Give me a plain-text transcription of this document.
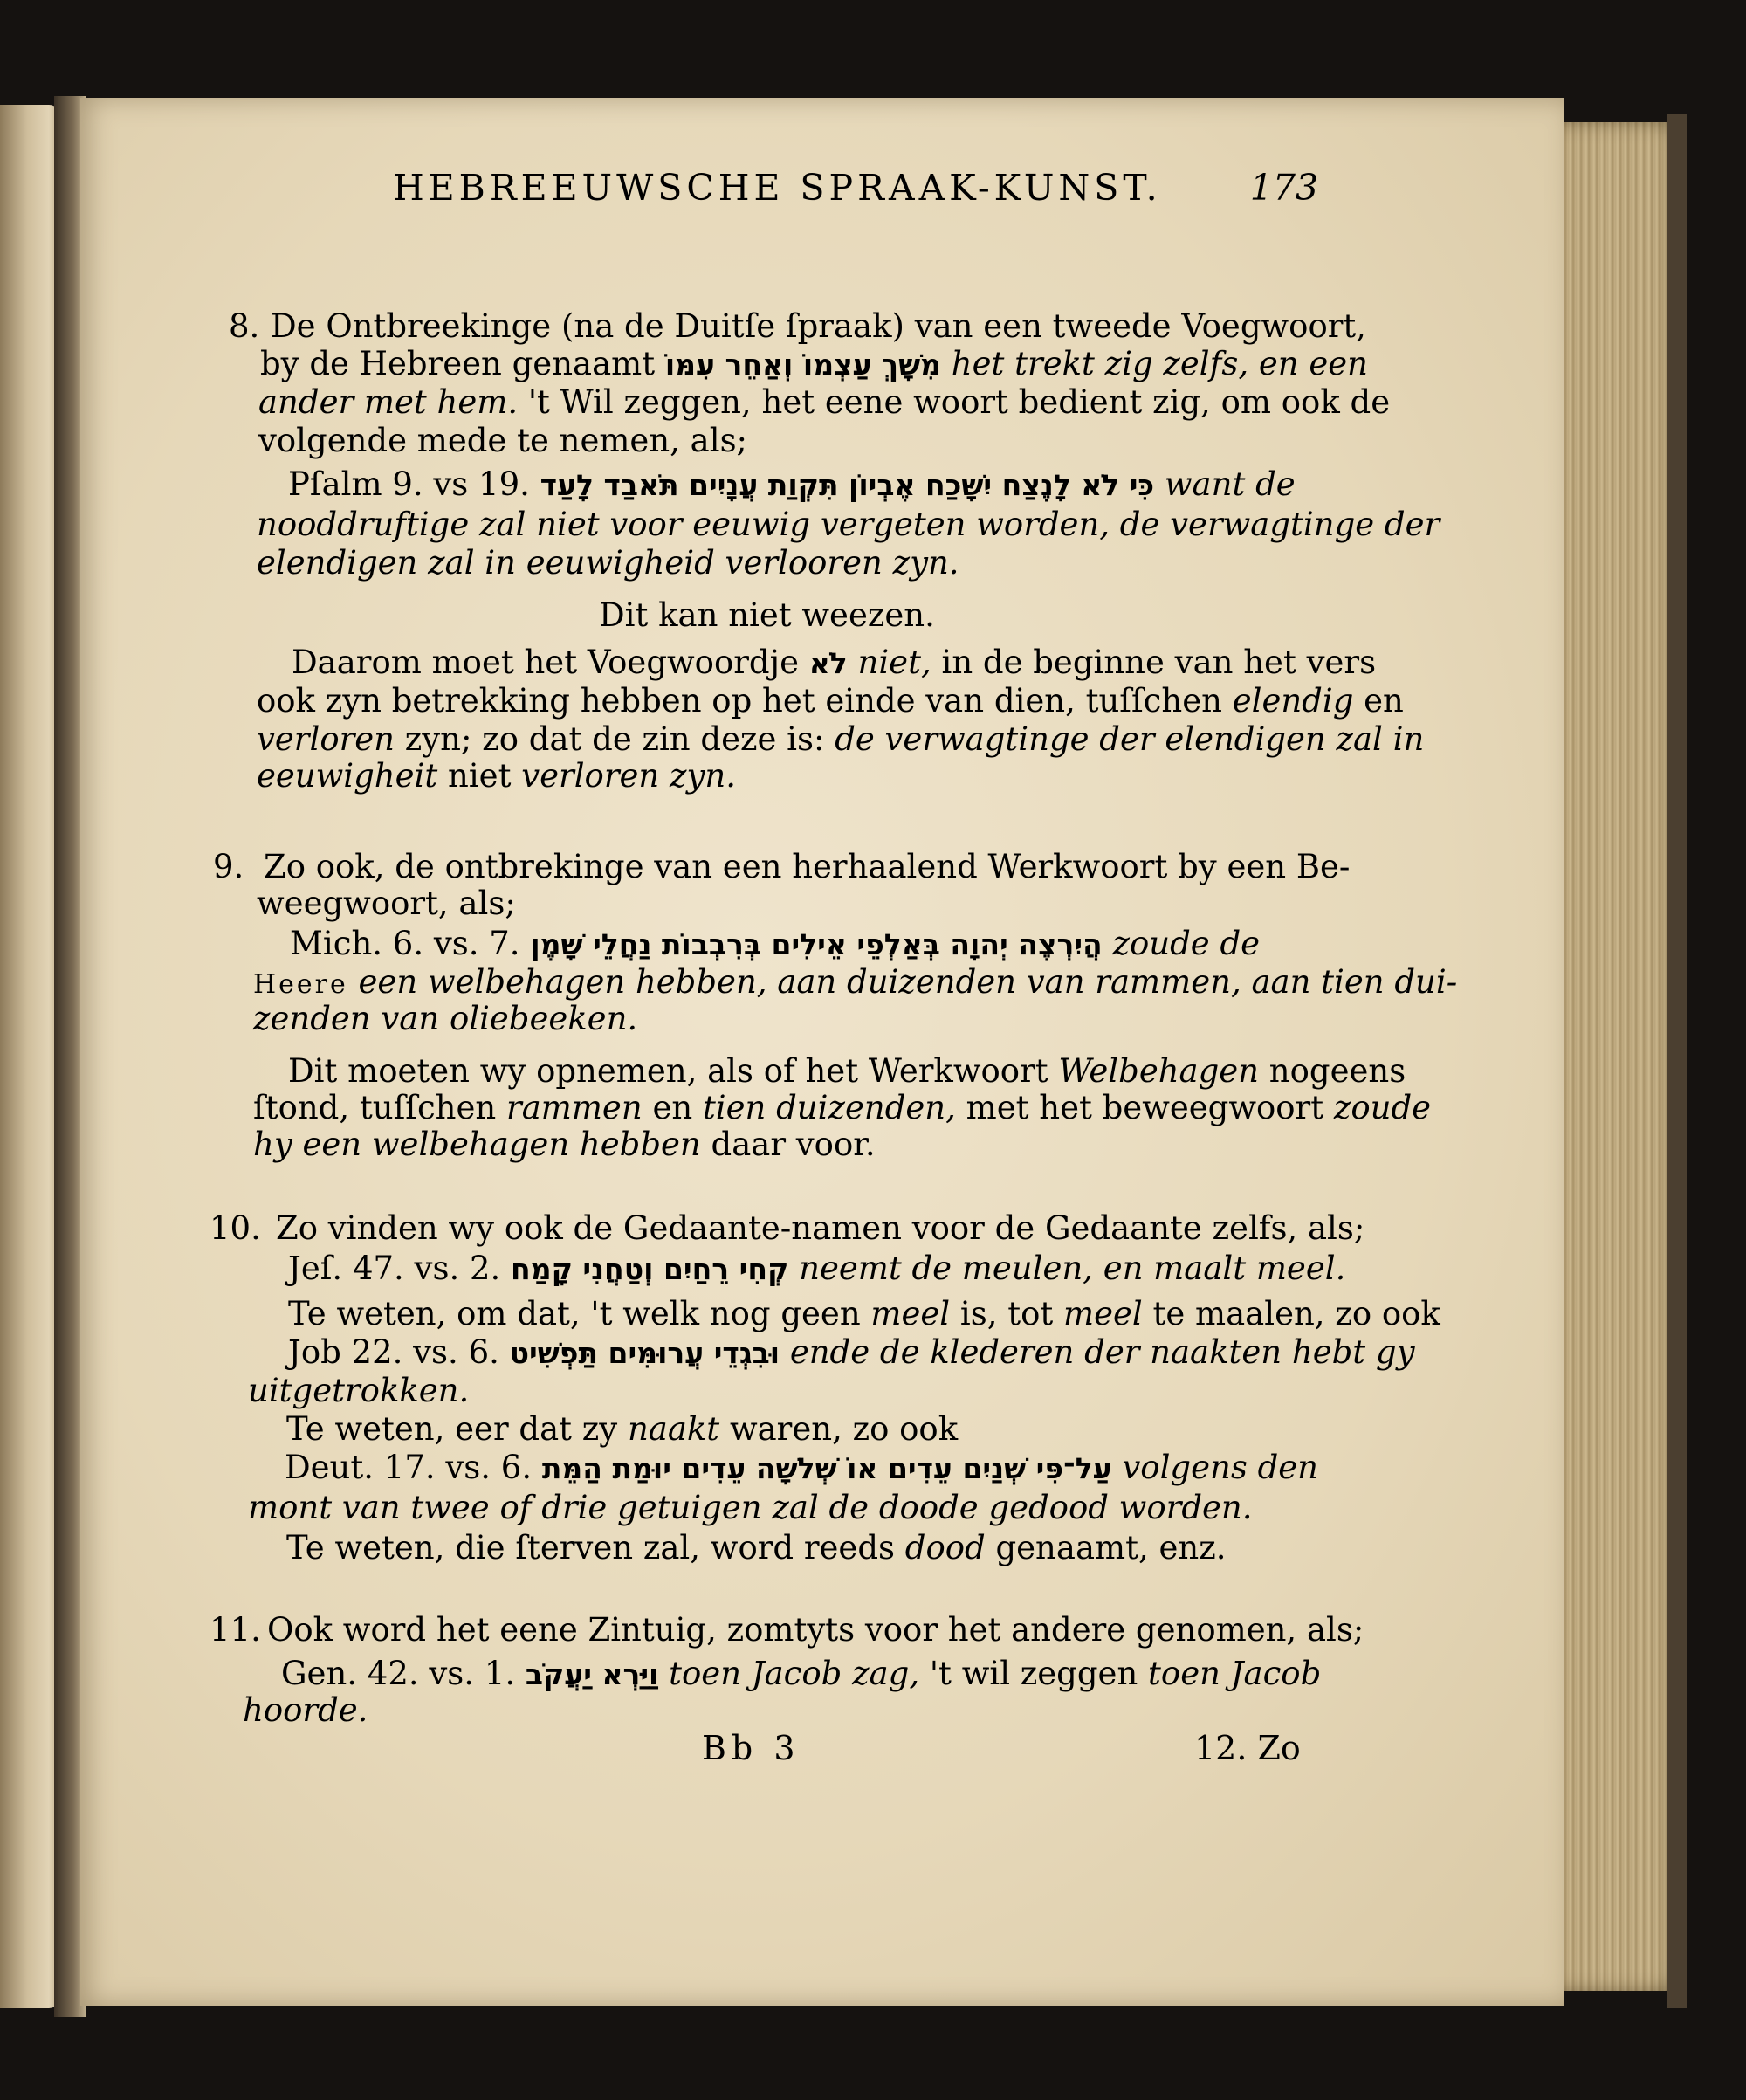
HEBREEUWSCHE SPRAAK-KUNST. 173
8. De Ontbreekinge (na de Duitſe ſpraak) van een tweede Voegwoort,
by de Hebreen genaamt מִשָׁךְ עַצְמוֹ וְאַחֵר עִמּוֹ het trekt zig zelfs, en een
ander met hem. 't Wil zeggen, het eene woort bedient zig, om ook de
volgende mede te nemen, als;
Pſalm 9. vs 19. כִּי לֹא לָנֶצַח יִשָּׁכַח אֶבְיוֹן תִּקְוַת עֲנָיִים תֹּאבַד לָעַד want de
nooddruftige zal niet voor eeuwig vergeten worden, de verwagtinge der
elendigen zal in eeuwigheid verlooren zyn.
Dit kan niet weezen.
Daarom moet het Voegwoordje לֹא niet, in de beginne van het vers
ook zyn betrekking hebben op het einde van dien, tuſſchen elendig en
verloren zyn; zo dat de zin deze is: de verwagtinge der elendigen zal in
eeuwigheit niet verloren zyn.
9. Zo ook, de ontbrekinge van een herhaalend Werkwoort by een Be-
weegwoort, als;
Mich. 6. vs. 7. הֲיִרְצֶה יְהוָה בְּאַלְפֵי אֵילִים בְּרִבְבוֹת נַחֲלֵי שָׁמֶן zoude de
Heere een welbehagen hebben, aan duizenden van rammen, aan tien dui-
zenden van oliebeeken.
Dit moeten wy opnemen, als of het Werkwoort Welbehagen nogeens
ſtond, tuſſchen rammen en tien duizenden, met het beweegwoort zoude
hy een welbehagen hebben daar voor.
10. Zo vinden wy ook de Gedaante-namen voor de Gedaante zelfs, als;
Jeſ. 47. vs. 2. קְחִי רֵחַיִם וְטַחֲנִי קָמַח neemt de meulen, en maalt meel.
Te weten, om dat, 't welk nog geen meel is, tot meel te maalen, zo ook
Job 22. vs. 6. וּבִגְדֵי עֲרוּמִּים תַּפְשִׁיט ende de klederen der naakten hebt gy
uitgetrokken.
Te weten, eer dat zy naakt waren, zo ook
Deut. 17. vs. 6. עַל־פִּי שְׁנַיִם עֵדִים אוֹ שְׁלשָׁה עֵדִים יוּמַת הַמֵּת volgens den
mont van twee of drie getuigen zal de doode gedood worden.
Te weten, die ſterven zal, word reeds dood genaamt, enz.
11. Ook word het eene Zintuig, zomtyts voor het andere genomen, als;
Gen. 42. vs. 1. וַיַּרְא יַעֲקֹב toen Jacob zag, 't wil zeggen toen Jacob
hoorde.
Bb 3	12. Zo
